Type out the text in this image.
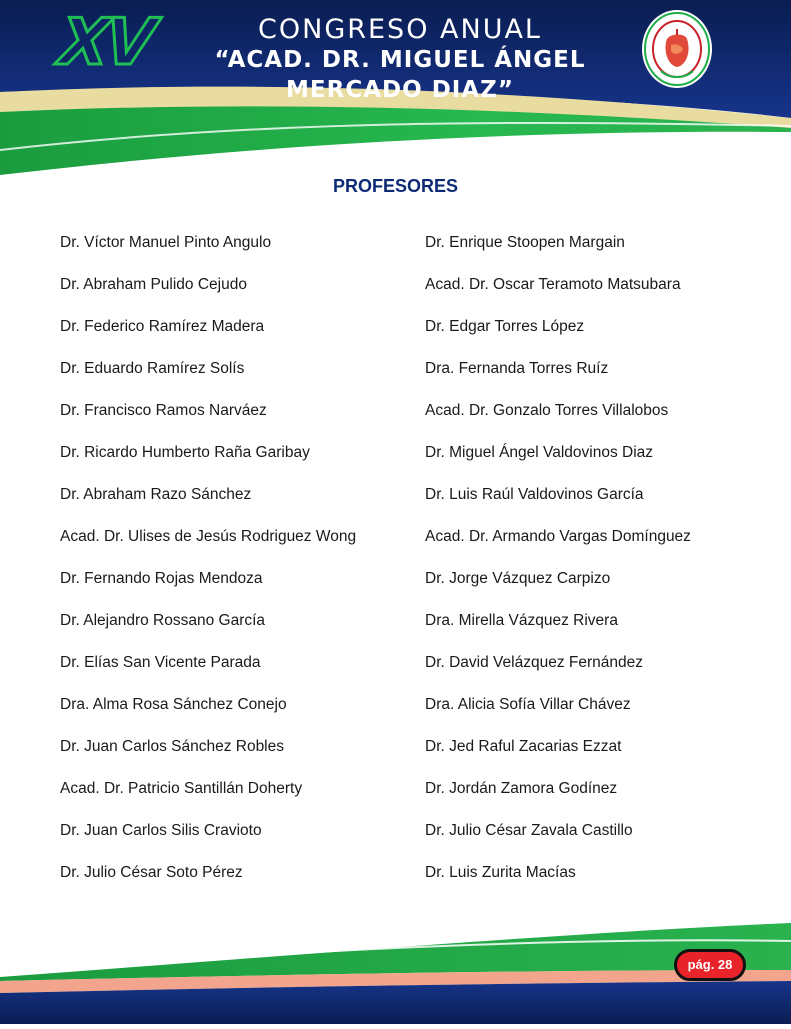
XV	CONGRESO ANUAL
“ACAD. DR. MIGUEL ÁNGEL MERCADO DIAZ”
PROFESORES
Dr. Víctor Manuel Pinto Angulo
Dr. Abraham Pulido Cejudo
Dr. Federico Ramírez Madera
Dr. Eduardo Ramírez Solís
Dr. Francisco Ramos Narváez
Dr. Ricardo Humberto Raña Garibay
Dr. Abraham Razo Sánchez
Acad. Dr. Ulises de Jesús Rodriguez Wong
Dr. Fernando Rojas Mendoza
Dr. Alejandro Rossano García
Dr. Elías San Vicente Parada
Dra. Alma Rosa Sánchez Conejo
Dr. Juan Carlos Sánchez Robles
Acad. Dr. Patricio Santillán Doherty
Dr. Juan Carlos Silis Cravioto
Dr. Julio César Soto Pérez
Dr. Enrique Stoopen Margain
Acad. Dr. Oscar Teramoto Matsubara
Dr. Edgar Torres López
Dra. Fernanda Torres Ruíz
Acad. Dr. Gonzalo Torres Villalobos
Dr. Miguel Ángel Valdovinos Diaz
Dr. Luis Raúl Valdovinos García
Acad. Dr. Armando Vargas Domínguez
Dr. Jorge Vázquez Carpizo
Dra. Mirella Vázquez Rivera
Dr. David Velázquez Fernández
Dra. Alicia Sofía Villar Chávez
Dr. Jed Raful Zacarias Ezzat
Dr. Jordán Zamora Godínez
Dr. Julio César Zavala Castillo
Dr. Luis Zurita Macías
pág. 28
